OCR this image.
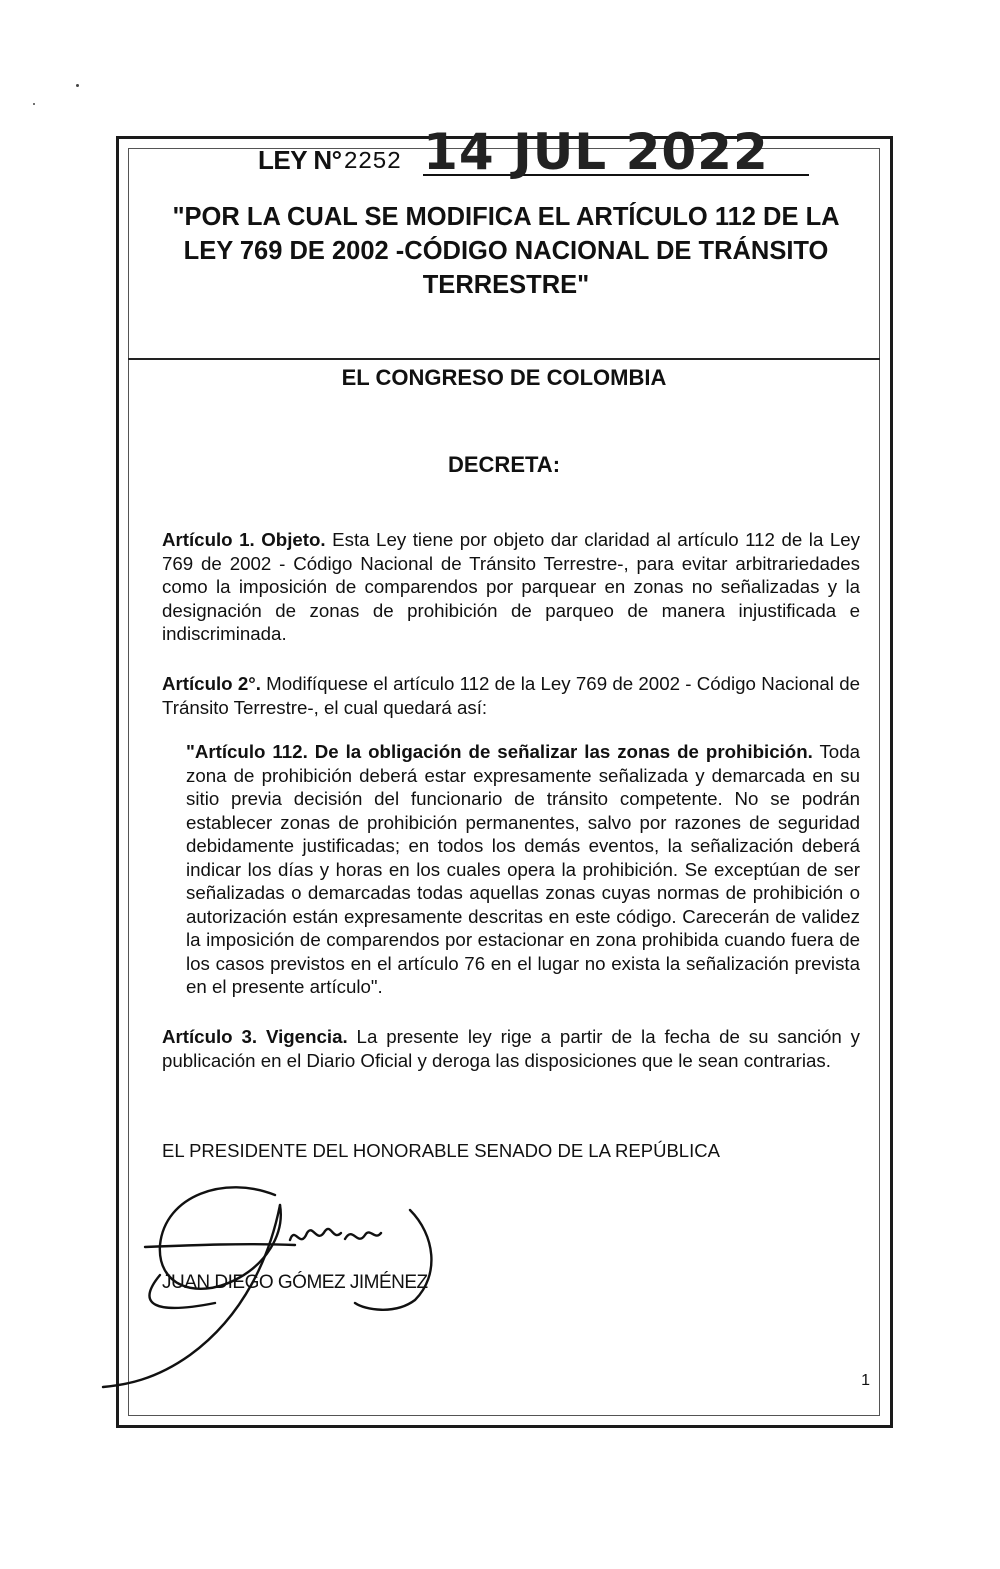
LEY N° 2252 14 JUL 2022
"POR LA CUAL SE MODIFICA EL ARTÍCULO 112 DE LA LEY 769 DE 2002 -CÓDIGO NACIONAL DE TRÁNSITO TERRESTRE"
EL CONGRESO DE COLOMBIA
DECRETA:

Artículo 1. Objeto. Esta Ley tiene por objeto dar claridad al artículo 112 de la Ley 769 de 2002 - Código Nacional de Tránsito Terrestre-, para evitar arbitrariedades como la imposición de comparendos por parquear en zonas no señalizadas y la designación de zonas de prohibición de parqueo de manera injustificada e indiscriminada.

Artículo 2°. Modifíquese el artículo 112 de la Ley 769 de 2002 - Código Nacional de Tránsito Terrestre-, el cual quedará así:

"Artículo 112. De la obligación de señalizar las zonas de prohibición. Toda zona de prohibición deberá estar expresamente señalizada y demarcada en su sitio previa decisión del funcionario de tránsito competente. No se podrán establecer zonas de prohibición permanentes, salvo por razones de seguridad debidamente justificadas; en todos los demás eventos, la señalización deberá indicar los días y horas en los cuales opera la prohibición. Se exceptúan de ser señalizadas o demarcadas todas aquellas zonas cuyas normas de prohibición o autorización están expresamente descritas en este código. Carecerán de validez la imposición de comparendos por estacionar en zona prohibida cuando fuera de los casos previstos en el artículo 76 en el lugar no exista la señalización prevista en el presente artículo".

Artículo 3. Vigencia. La presente ley rige a partir de la fecha de su sanción y publicación en el Diario Oficial y deroga las disposiciones que le sean contrarias.

EL PRESIDENTE DEL HONORABLE SENADO DE LA REPÚBLICA

JUAN DIEGO GÓMEZ JIMÉNEZ

1
